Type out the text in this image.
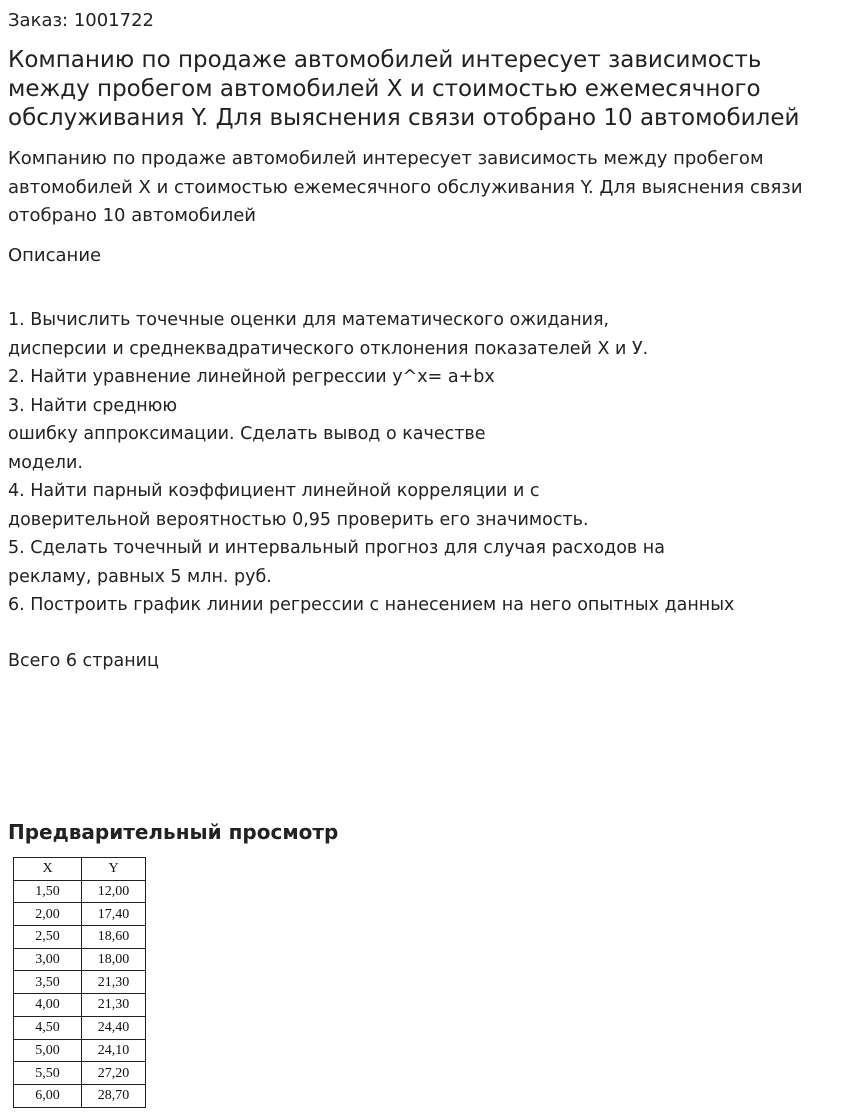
Заказ: 1001722
Компанию по продаже автомобилей интересует зависимость между пробегом автомобилей X и стоимостью ежемесячного обслуживания Y. Для выяснения связи отобрано 10 автомобилей

Компанию по продаже автомобилей интересует зависимость между пробегом автомобилей X и стоимостью ежемесячного обслуживания Y. Для выяснения связи отобрано 10 автомобилей

Описание
1. Вычислить точечные оценки для математического ожидания,
дисперсии и среднеквадратического отклонения показателей X и У.
2. Найти уравнение линейной регрессии y^x= a+bx
3. Найти среднюю
ошибку аппроксимации. Сделать вывод о качестве
модели.
4. Найти парный коэффициент линейной корреляции и с
доверительной вероятностью 0,95 проверить его значимость.
5. Сделать точечный и интервальный прогноз для случая расходов на
рекламу, равных 5 млн. руб.
6. Построить график линии регрессии с нанесением на него опытных данных
Всего 6 страниц
Предварительный просмотр
X	Y
1,50	12,00
2,00	17,40
2,50	18,60
3,00	18,00
3,50	21,30
4,00	21,30
4,50	24,40
5,00	24,10
5,50	27,20
6,00	28,70
